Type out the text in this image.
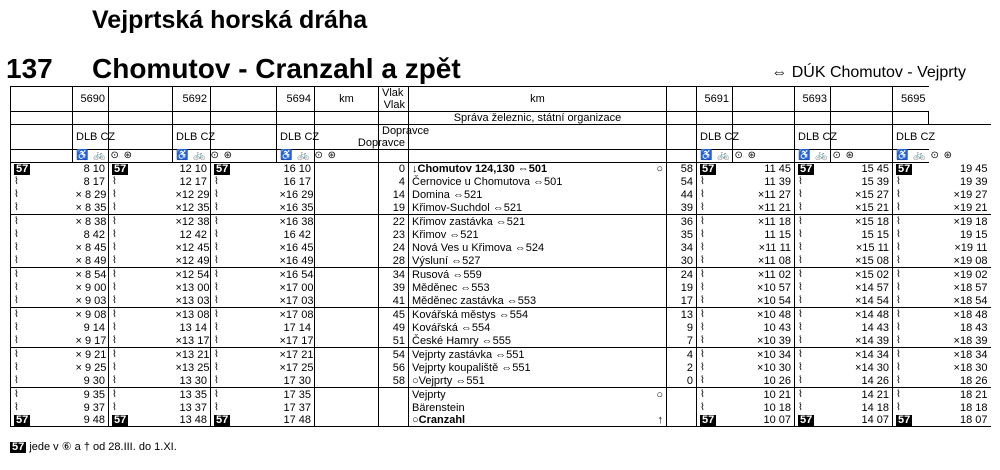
Vejprtská horská dráha
137 Chomutov - Cranzahl a zpět	⇔ DÚK Chomutov - Vejprty
	5690		5692		5694	km	Vlak
Vlak	km		5691		5693		5695	
								Správa železnic, státní organizace							
	DLB CZ		DLB CZ		DLB CZ		Dopravce
Dopravce			DLB CZ		DLB CZ		DLB CZ	
	♿ 🚲 ⊙ ⊛		♿ 🚲 ⊙ ⊛		♿ 🚲 ⊙ ⊛					♿ 🚲 ⊙ ⊛		♿ 🚲 ⊙ ⊛		♿ 🚲 ⊙ ⊛	
57	8 10	57	12 10	57	16 10		0	↓Chomutov 124,130 ⇔501 ○	58	57	11 45	57	15 45	57	19 45
⌇	8 17	⌇	12 17	⌇	16 17		4	Černovice u Chomutova ⇔501	54	⌇	11 39	⌇	15 39	⌇	19 39
⌇	× 8 29	⌇	×12 29	⌇	×16 29		14	Domina ⇔521	44	⌇	×11 27	⌇	×15 27	⌇	×19 27
⌇	× 8 35	⌇	×12 35	⌇	×16 35		19	Křimov-Suchdol ⇔521	39	⌇	×11 21	⌇	×15 21	⌇	×19 21
⌇	× 8 38	⌇	×12 38	⌇	×16 38		22	Křimov zastávka ⇔521	36	⌇	×11 18	⌇	×15 18	⌇	×19 18
⌇	8 42	⌇	12 42	⌇	16 42		23	Křimov ⇔521	35	⌇	11 15	⌇	15 15	⌇	19 15
⌇	× 8 45	⌇	×12 45	⌇	×16 45		24	Nová Ves u Křimova ⇔524	34	⌇	×11 11	⌇	×15 11	⌇	×19 11
⌇	× 8 49	⌇	×12 49	⌇	×16 49		28	Výsluní ⇔527	30	⌇	×11 08	⌇	×15 08	⌇	×19 08
⌇	× 8 54	⌇	×12 54	⌇	×16 54		34	Rusová ⇔559	24	⌇	×11 02	⌇	×15 02	⌇	×19 02
⌇	× 9 00	⌇	×13 00	⌇	×17 00		39	Měděnec ⇔553	19	⌇	×10 57	⌇	×14 57	⌇	×18 57
⌇	× 9 03	⌇	×13 03	⌇	×17 03		41	Měděnec zastávka ⇔553	17	⌇	×10 54	⌇	×14 54	⌇	×18 54
⌇	× 9 08	⌇	×13 08	⌇	×17 08		45	Kovářská městys ⇔554	13	⌇	×10 48	⌇	×14 48	⌇	×18 48
⌇	9 14	⌇	13 14	⌇	17 14		49	Kovářská ⇔554	9	⌇	10 43	⌇	14 43	⌇	18 43
⌇	× 9 17	⌇	×13 17	⌇	×17 17		51	České Hamry ⇔555	7	⌇	×10 39	⌇	×14 39	⌇	×18 39
⌇	× 9 21	⌇	×13 21	⌇	×17 21		54	Vejprty zastávka ⇔551	4	⌇	×10 34	⌇	×14 34	⌇	×18 34
⌇	× 9 25	⌇	×13 25	⌇	×17 25		56	Vejprty koupaliště ⇔551	2	⌇	×10 30	⌇	×14 30	⌇	×18 30
⌇	9 30	⌇	13 30	⌇	17 30		58	○Vejprty ⇔551	0	⌇	10 26	⌇	14 26	⌇	18 26
⌇	9 35	⌇	13 35	⌇	17 35			Vejprty ○		⌇	10 21	⌇	14 21	⌇	18 21
⌇	9 37	⌇	13 37	⌇	17 37			Bärenstein		⌇	10 18	⌇	14 18	⌇	18 18
57	9 48	57	13 48	57	17 48			○Cranzahl ↑		57	10 07	57	14 07	57	18 07
57 jede v ⑥ a † od 28.III. do 1.XI.
